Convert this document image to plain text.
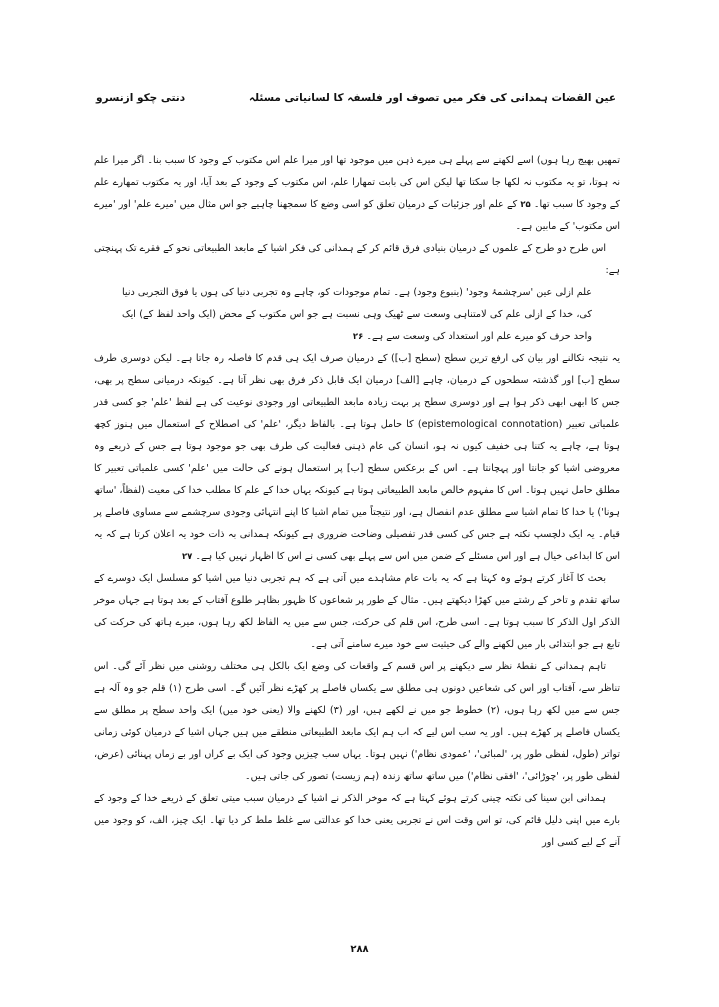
عین القضات ہمدانی کی فکر میں تصوف اور فلسفہ کا لسانیاتی مسئلہ
دنتی چکو ازنسرو

تمھیں بھیج رہا ہوں) اسے لکھنے سے پہلے ہی میرے ذہن میں موجود تھا اور میرا علم اس مکتوب کے وجود کا سبب بنا۔ اگر میرا علم نہ ہوتا، تو یہ مکتوب نہ لکھا جا سکتا تھا لیکن اس کی بابت تمھارا علم، اس مکتوب کے وجود کے بعد آیا، اور یہ مکتوب تمھارے علم کے وجود کا سبب تھا۔ ۲۵ کے علم اور جزئیات کے درمیان تعلق کو اسی وضع کا سمجھنا چاہیے جو اس مثال میں 'میرے علم' اور 'میرے اس مکتوب' کے مابین ہے۔

اس طرح دو طرح کے علموں کے درمیان بنیادی فرق قائم کر کے ہمدانی کی فکر اشیا کے مابعد الطبیعاتی نحو کے فقرے تک پہنچتی ہے:

علم ازلی عین 'سرچشمۂ وجود' (ینبوع وجود) ہے۔ تمام موجودات کو، چاہے وہ تجربی دنیا کی ہوں یا فوق التجربی دنیا کی، خدا کے ازلی علم کی لامتناہی وسعت سے ٹھیک وہی نسبت ہے جو اس مکتوب کے محض (ایک واحد لفظ کے) ایک واحد حرف کو میرے علم اور استعداد کی وسعت سے ہے۔ ۲۶

یہ نتیجہ نکالنے اور بیان کی ارفع ترین سطح (سطح [ب]) کے درمیان صرف ایک ہی قدم کا فاصلہ رہ جاتا ہے۔ لیکن دوسری طرف سطح [ب] اور گذشتہ سطحوں کے درمیان، چاہے [الف] درمیان ایک قابل ذکر فرق بھی نظر آتا ہے۔ کیونکہ درمیانی سطح پر بھی، جس کا ابھی ابھی ذکر ہوا ہے اور دوسری سطح پر بہت زیادہ مابعد الطبیعاتی اور وجودی نوعیت کی ہے لفظ 'علم' جو کسی قدر علمیاتی تعبیر (epistemological connotation) کا حامل ہوتا ہے۔ بالفاظ دیگر، 'علم' کی اصطلاح کے استعمال میں ہنوز کچھ ہوتا ہے، چاہے یہ کتنا ہی خفیف کیوں نہ ہو، انسان کی عام ذہنی فعالیت کی طرف بھی جو موجود ہوتا ہے جس کے ذریعے وہ معروضی اشیا کو جانتا اور پہچانتا ہے۔ اس کے برعکس سطح [ب] پر استعمال ہونے کی حالت میں 'علم' کسی علمیاتی تعبیر کا مطلق حامل نہیں ہوتا۔ اس کا مفہوم خالص مابعد الطبیعاتی ہوتا ہے کیونکہ یہاں خدا کے علم کا مطلب خدا کی معیت (لفظاً، 'ساتھ ہونا') یا خدا کا تمام اشیا سے مطلق عدم انفصال ہے، اور نتیجتاً میں تمام اشیا کا اپنے انتہائی وجودی سرچشمے سے مساوی فاصلے پر قیام۔ یہ ایک دلچسپ نکتہ ہے جس کی کسی قدر تفصیلی وضاحت ضروری ہے کیونکہ ہمدانی بہ ذات خود یہ اعلان کرتا ہے کہ یہ اس کا ابداعی خیال ہے اور اس مسئلے کے ضمن میں اس سے پہلے بھی کسی نے اس کا اظہار نہیں کیا ہے۔ ۲۷

بحث کا آغاز کرتے ہوئے وہ کہتا ہے کہ یہ بات عام مشاہدے میں آتی ہے کہ ہم تجربی دنیا میں اشیا کو مسلسل ایک دوسرے کے ساتھ تقدم و تاخر کے رشتے میں کھڑا دیکھتے ہیں۔ مثال کے طور پر شعاعوں کا ظہور بظاہر طلوع آفتاب کے بعد ہوتا ہے جہاں موخر الذکر اول الذکر کا سبب ہوتا ہے۔ اسی طرح، اس قلم کی حرکت، جس سے میں یہ الفاظ لکھ رہا ہوں، میرے ہاتھ کی حرکت کی تابع ہے جو ابتدائی بار میں لکھنے والے کی حیثیت سے خود میرے سامنے آتی ہے۔

تاہم ہمدانی کے نقطۂ نظر سے دیکھنے پر اس قسم کے واقعات کی وضع ایک بالکل ہی مختلف روشنی میں نظر آئے گی۔ اس تناظر سے، آفتاب اور اس کی شعاعیں دونوں ہی مطلق سے یکساں فاصلے پر کھڑے نظر آئیں گے۔ اسی طرح (۱) قلم جو وہ آلہ ہے جس سے میں لکھ رہا ہوں، (۲) خطوط جو میں نے لکھے ہیں، اور (۳) لکھنے والا (یعنی خود میں) ایک واحد سطح پر مطلق سے یکساں فاصلے پر کھڑے ہیں۔ اور یہ سب اس لیے کہ اب ہم ایک مابعد الطبیعاتی منطقے میں ہیں جہاں اشیا کے درمیان کوئی زمانی تواتر (طول، لفظی طور پر، 'لمبائی'، 'عمودی نظام') نہیں ہوتا۔ یہاں سب چیزیں وجود کی ایک بے کراں اور بے زماں پہنائی (عرض، لفظی طور پر، 'چوڑائی'، 'افقی نظام') میں ساتھ ساتھ زندہ (ہم زیست) تصور کی جاتی ہیں۔

ہمدانی ابن سینا کی نکتہ چینی کرتے ہوئے کہتا ہے کہ موخر الذکر نے اشیا کے درمیان سبب میتی تعلق کے ذریعے خدا کے وجود کے بارے میں اپنی دلیل قائم کی، تو اس وقت اس نے تجربی یعنی خدا کو عدالتی سے غلط ملط کر دیا تھا۔ ایک چیز، الف، کو وجود میں آنے کے لیے کسی اور

۲۸۸
